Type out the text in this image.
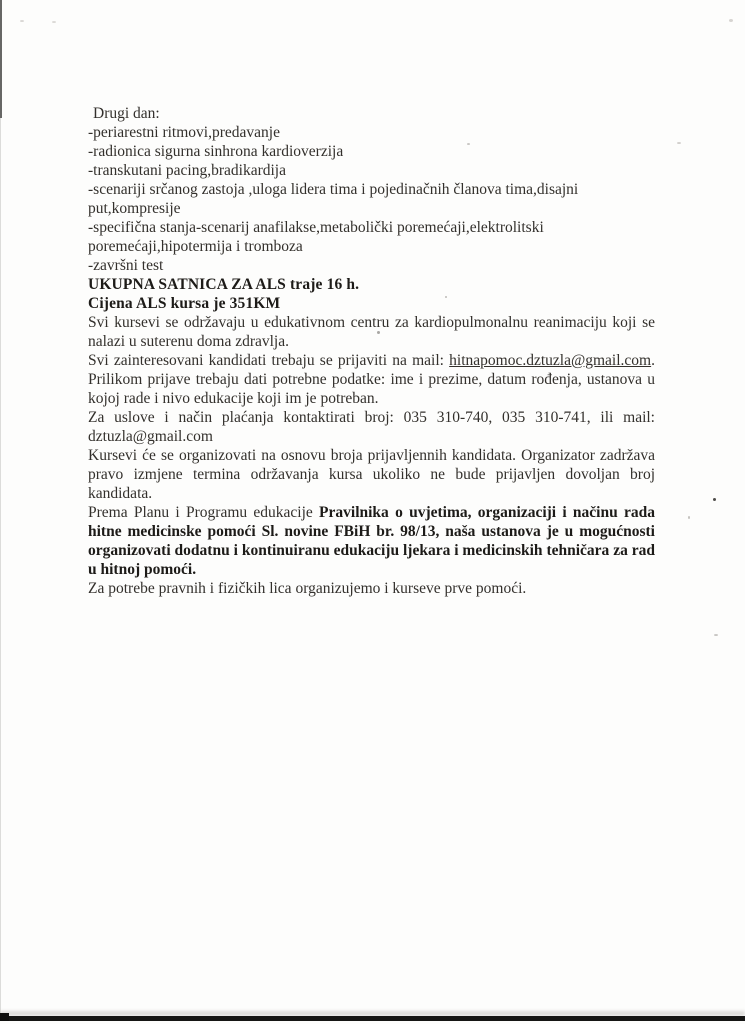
Drugi dan:

-periarestni ritmovi,predavanje

-radionica sigurna sinhrona kardioverzija

-transkutani pacing,bradikardija

-scenariji srčanog zastoja ,uloga lidera tima i pojedinačnih članova tima,disajni put,kompresije

-specifična stanja-scenarij anafilakse,metabolički poremećaji,elektrolitski poremećaji,hipotermija i tromboza

-završni test

UKUPNA SATNICA ZA ALS traje 16 h.

Cijena ALS kursa je 351KM

Svi kursevi se održavaju u edukativnom centru za kardiopulmonalnu reanimaciju koji se nalazi u suterenu doma zdravlja.

Svi zainteresovani kandidati trebaju se prijaviti na mail: hitnapomoc.dztuzla@gmail.com. Prilikom prijave trebaju dati potrebne podatke: ime i prezime, datum rođenja, ustanova u kojoj rade i nivo edukacije koji im je potreban.

Za uslove i način plaćanja kontaktirati broj: 035 310-740, 035 310-741, ili mail: dztuzla@gmail.com

Kursevi će se organizovati na osnovu broja prijavljennih kandidata. Organizator zadržava pravo izmjene termina održavanja kursa ukoliko ne bude prijavljen dovoljan broj kandidata.

Prema Planu i Programu edukacije Pravilnika o uvjetima, organizaciji i načinu rada hitne medicinske pomoći Sl. novine FBiH br. 98/13, naša ustanova je u mogućnosti organizovati dodatnu i kontinuiranu edukaciju ljekara i medicinskih tehničara za rad u hitnoj pomoći.

Za potrebe pravnih i fizičkih lica organizujemo i kurseve prve pomoći.
